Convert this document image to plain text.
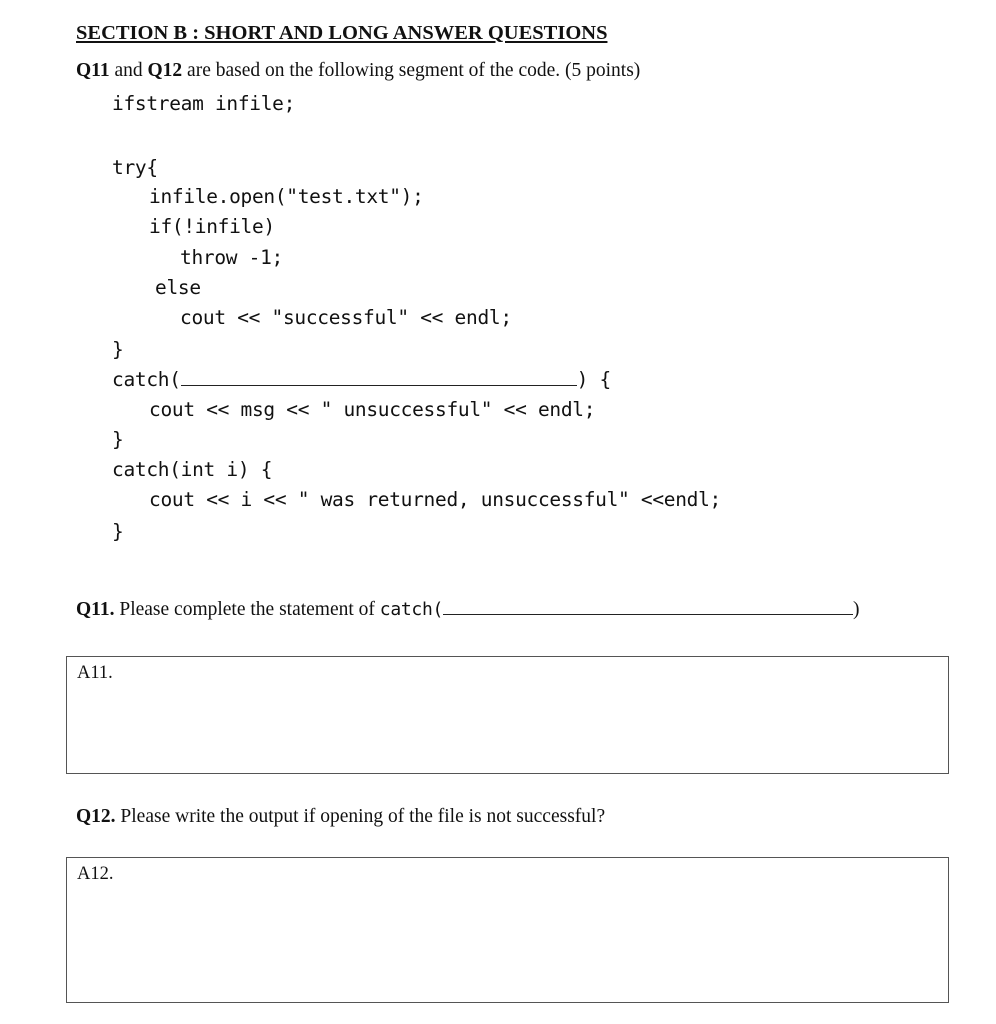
SECTION B : SHORT AND LONG ANSWER QUESTIONS
Q11 and Q12 are based on the following segment of the code. (5 points)
ifstream infile;
try{
infile.open("test.txt");
if(!infile)
throw -1;
else
cout << "successful" << endl;
}
catch(	) {
cout << msg << " unsuccessful" << endl;
}
catch(int i) {
cout << i << " was returned, unsuccessful" <<endl;
}
Q11. Please complete the statement of catch(	)
A11.
Q12. Please write the output if opening of the file is not successful?
A12.
